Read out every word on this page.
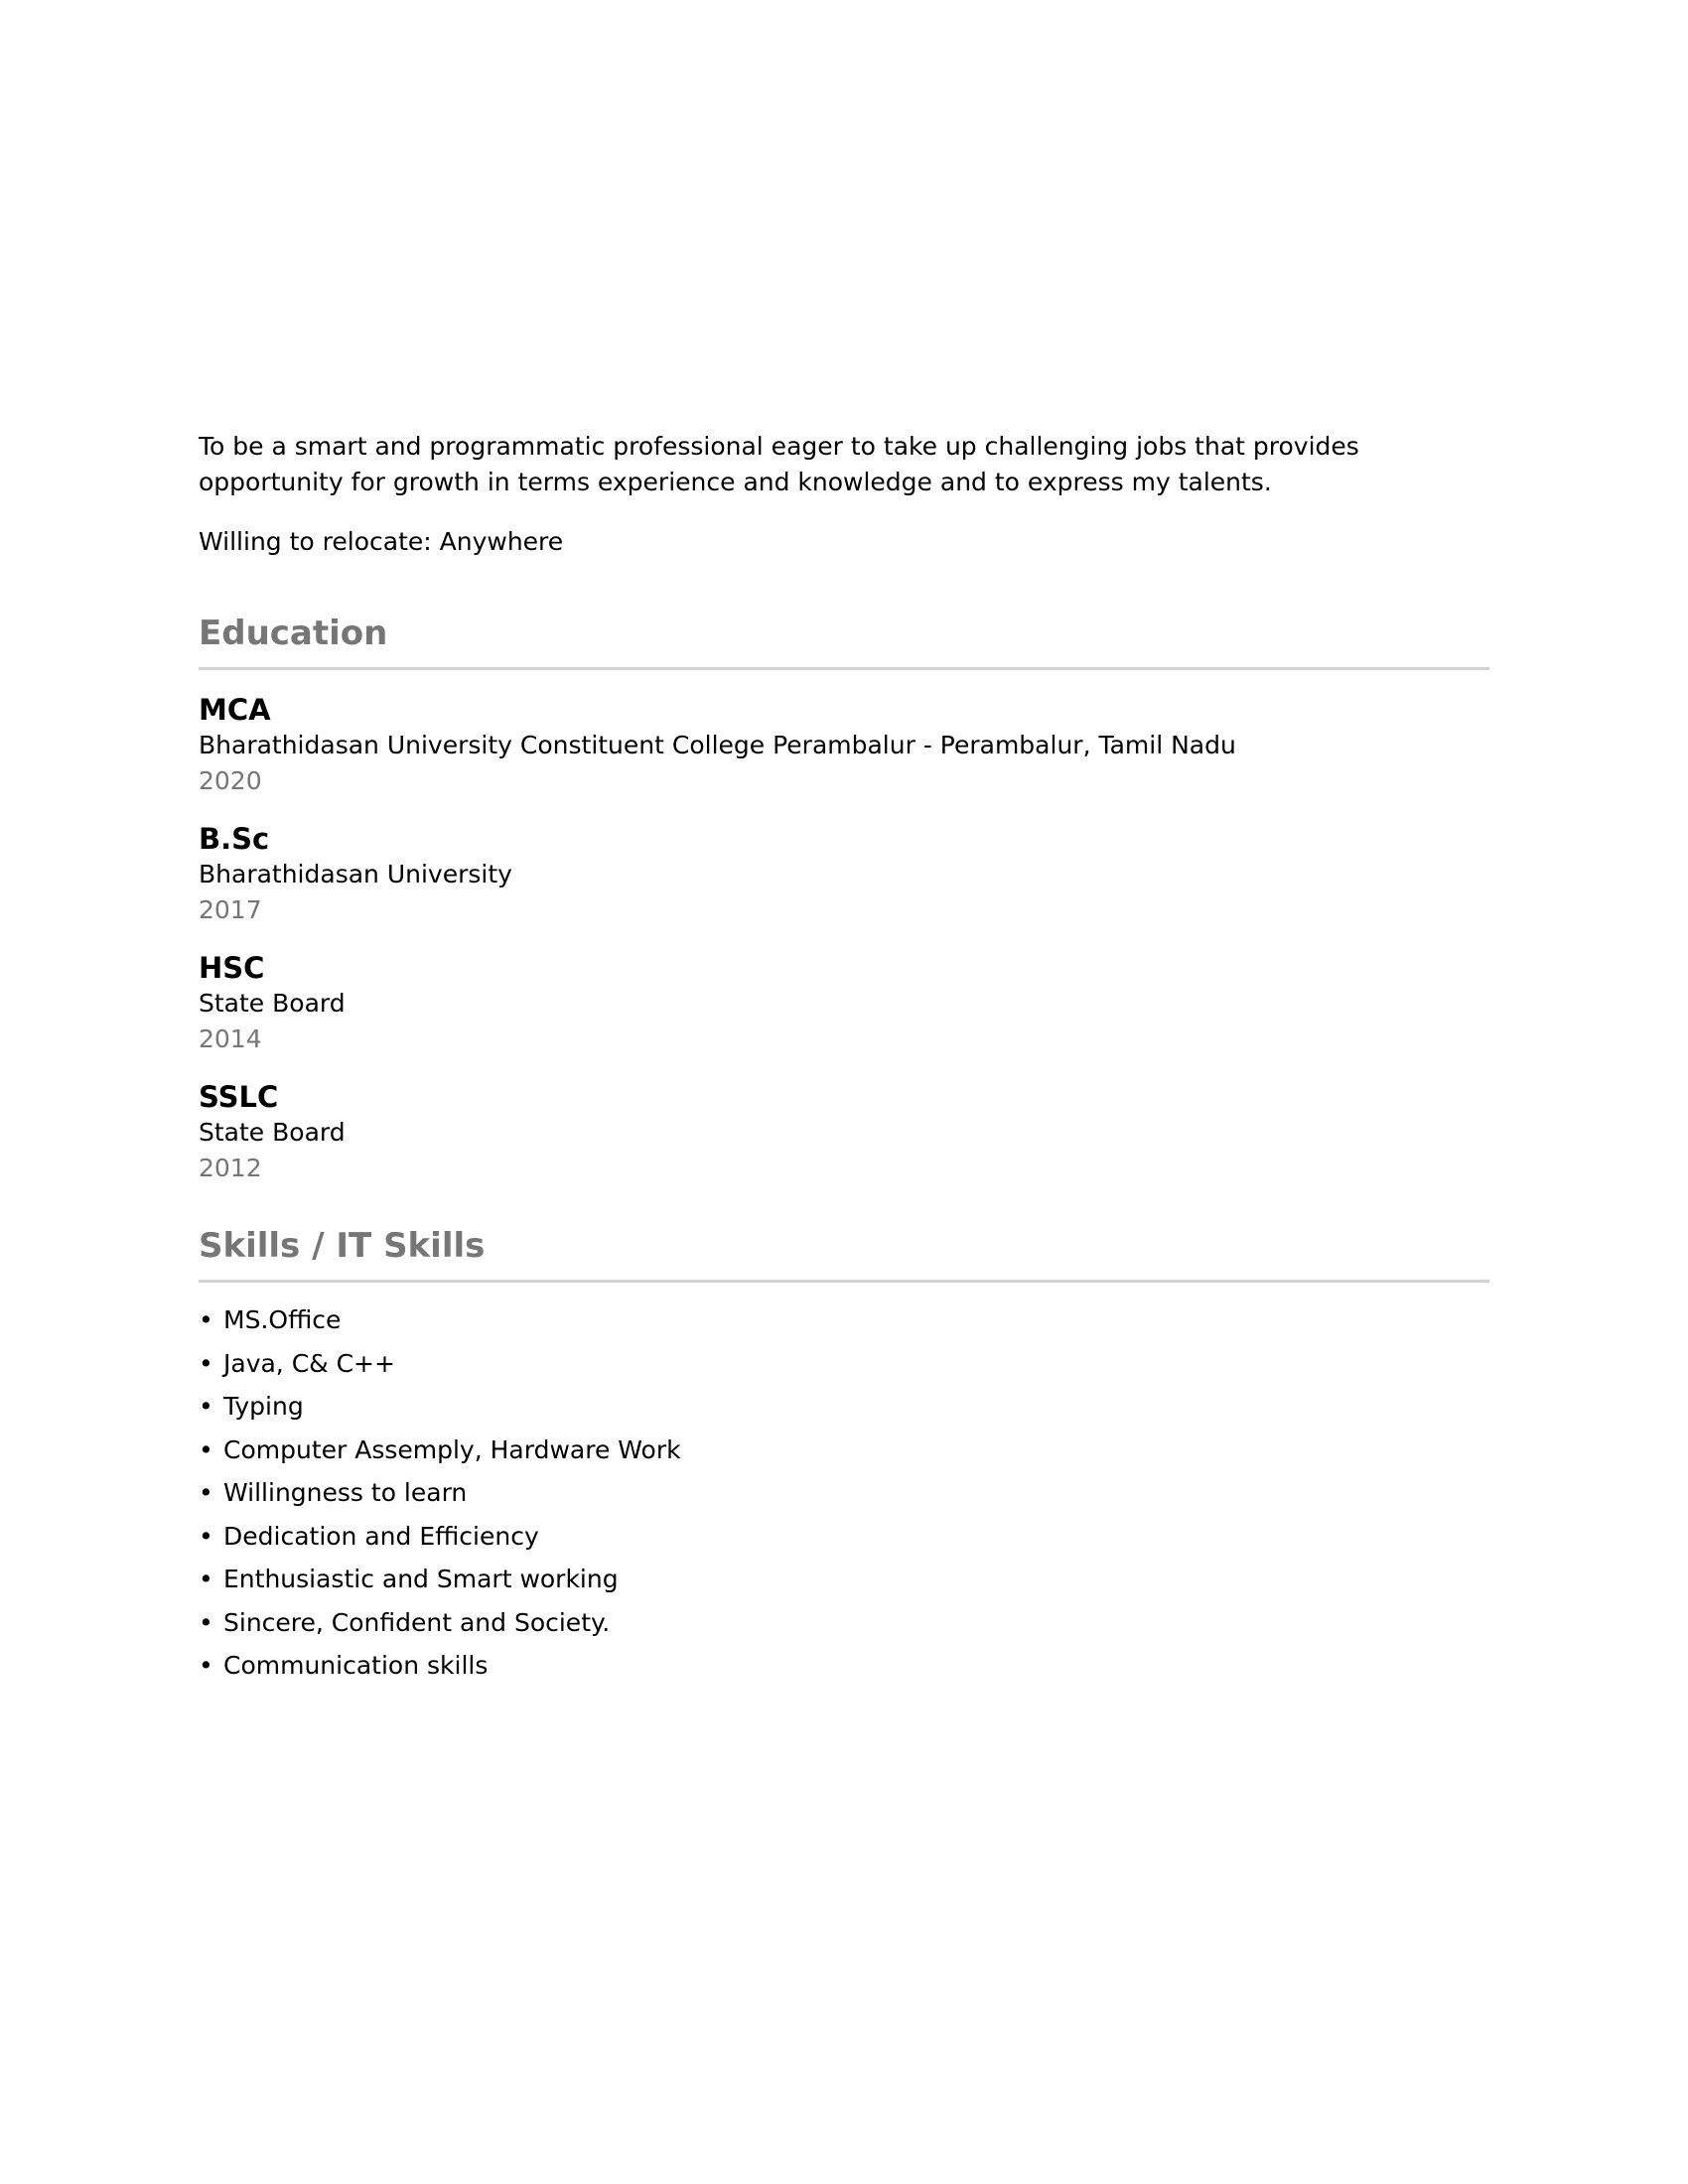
To be a smart and programmatic professional eager to take up challenging jobs that provides
opportunity for growth in terms experience and knowledge and to express my talents.

Willing to relocate: Anywhere

Education
MCA
Bharathidasan University Constituent College Perambalur - Perambalur, Tamil Nadu
2020
B.Sc
Bharathidasan University
2017
HSC
State Board
2014
SSLC
State Board
2012
Skills / IT Skills
• MS.Office
• Java, C& C++
• Typing
• Computer Assemply, Hardware Work
• Willingness to learn
• Dedication and Efficiency
• Enthusiastic and Smart working
• Sincere, Confident and Society.
• Communication skills
